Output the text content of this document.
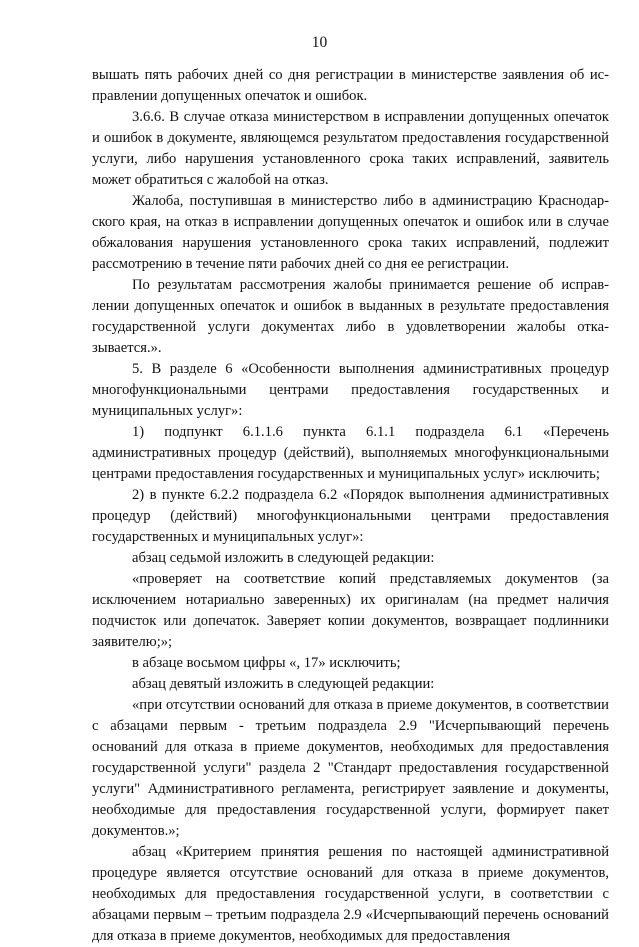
10

вышать пять рабочих дней со дня регистрации в министерстве заявления об исправлении допущенных опечаток и ошибок.

3.6.6. В случае отказа министерством в исправлении допущенных опечаток и ошибок в документе, являющемся результатом предоставления государственной услуги, либо нарушения установленного срока таких исправлений, заявитель может обратиться с жалобой на отказ.

Жалоба, поступившая в министерство либо в администрацию Краснодарского края, на отказ в исправлении допущенных опечаток и ошибок или в случае обжалования нарушения установленного срока таких исправлений, подлежит рассмотрению в течение пяти рабочих дней со дня ее регистрации.

По результатам рассмотрения жалобы принимается решение об исправлении допущенных опечаток и ошибок в выданных в результате предоставления государственной услуги документах либо в удовлетворении жалобы отказывается.».

5. В разделе 6 «Особенности выполнения административных процедур многофункциональными центрами предоставления государственных и муниципальных услуг»:

1) подпункт 6.1.1.6 пункта 6.1.1 подраздела 6.1 «Перечень административных процедур (действий), выполняемых многофункциональными центрами предоставления государственных и муниципальных услуг» исключить;

2) в пункте 6.2.2 подраздела 6.2 «Порядок выполнения административных процедур (действий) многофункциональными центрами предоставления государственных и муниципальных услуг»:

абзац седьмой изложить в следующей редакции:

«проверяет на соответствие копий представляемых документов (за исключением нотариально заверенных) их оригиналам (на предмет наличия подчисток или допечаток. Заверяет копии документов, возвращает подлинники заявителю;»;

в абзаце восьмом цифры «, 17» исключить;

абзац девятый изложить в следующей редакции:

«при отсутствии оснований для отказа в приеме документов, в соответствии с абзацами первым - третьим подраздела 2.9 "Исчерпывающий перечень оснований для отказа в приеме документов, необходимых для предоставления государственной услуги" раздела 2 "Стандарт предоставления государственной услуги" Административного регламента, регистрирует заявление и документы, необходимые для предоставления государственной услуги, формирует пакет документов.»;

абзац «Критерием принятия решения по настоящей административной процедуре является отсутствие оснований для отказа в приеме документов, необходимых для предоставления государственной услуги, в соответствии с абзацами первым – третьим подраздела 2.9 «Исчерпывающий перечень оснований для отказа в приеме документов, необходимых для предоставления
